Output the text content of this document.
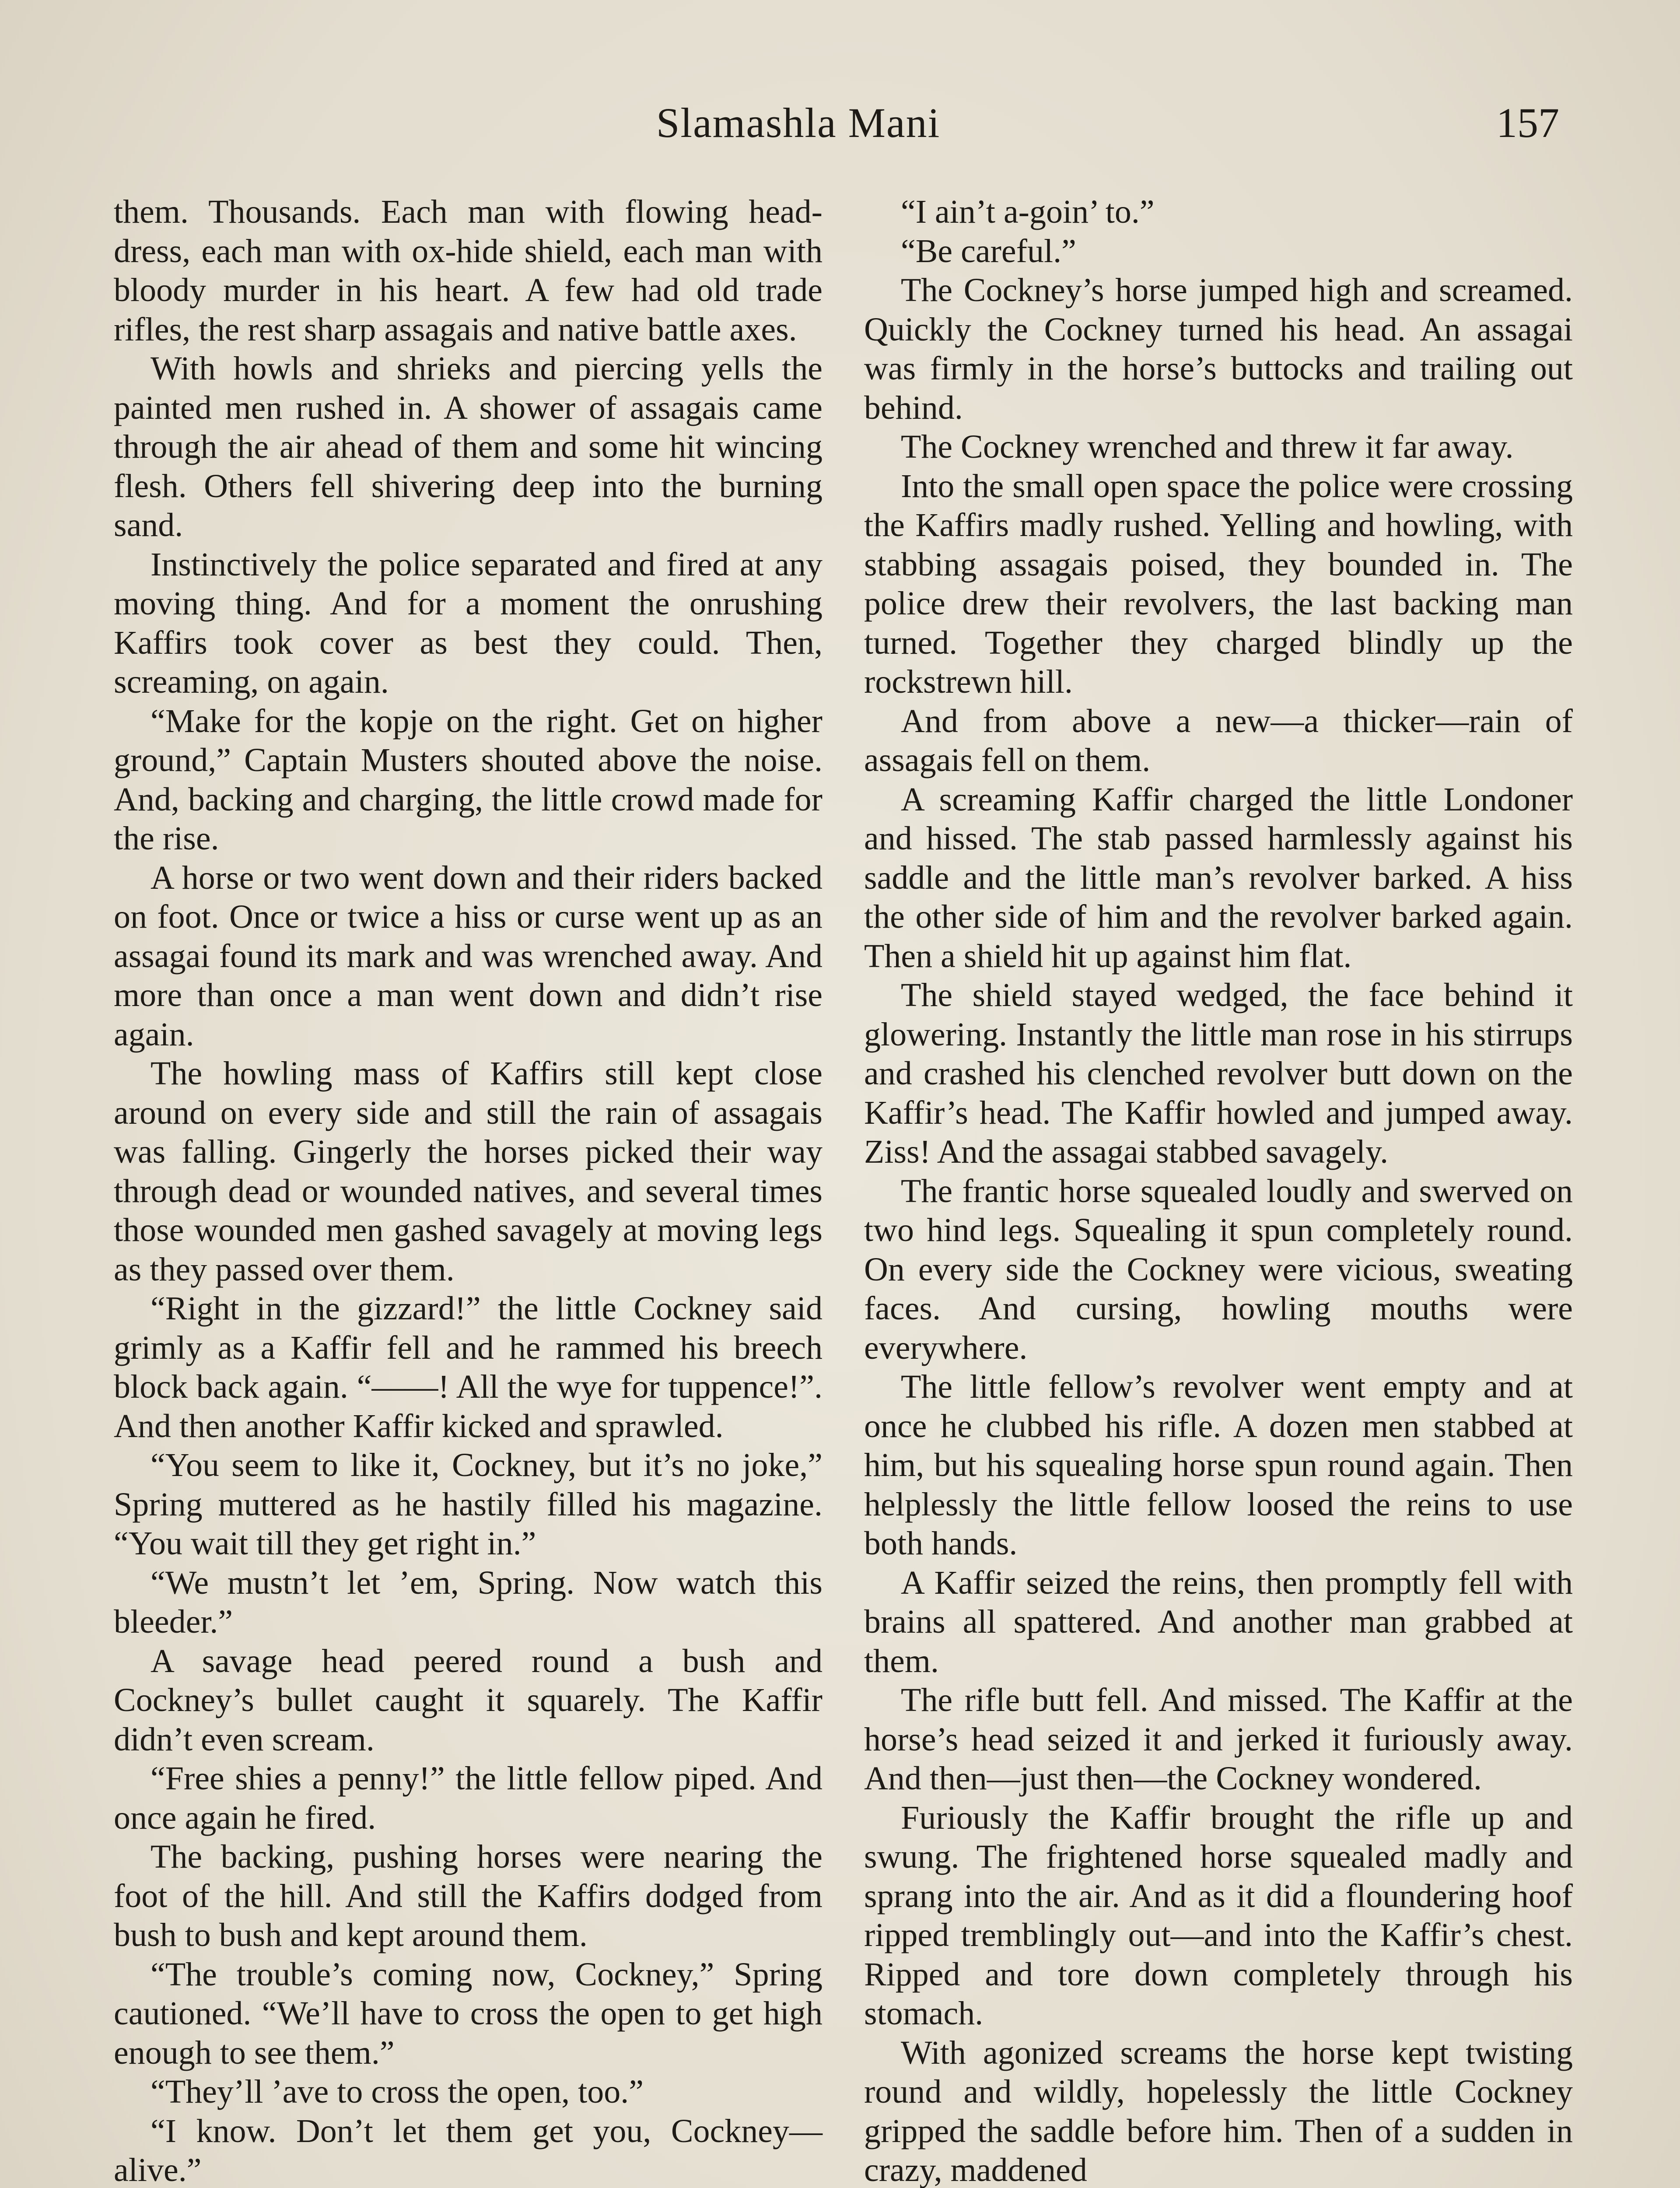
Slamashla Mani	157

them. Thousands. Each man with flowing head-dress, each man with ox-hide shield, each man with bloody murder in his heart. A few had old trade rifles, the rest sharp assagais and native battle axes.

With howls and shrieks and piercing yells the painted men rushed in. A shower of assagais came through the air ahead of them and some hit wincing flesh. Others fell shivering deep into the burning sand.

Instinctively the police separated and fired at any moving thing. And for a moment the onrushing Kaffirs took cover as best they could. Then, screaming, on again.

“Make for the kopje on the right. Get on higher ground,” Captain Musters shouted above the noise. And, backing and charging, the little crowd made for the rise.

A horse or two went down and their riders backed on foot. Once or twice a hiss or curse went up as an assagai found its mark and was wrenched away. And more than once a man went down and didn’t rise again.

The howling mass of Kaffirs still kept close around on every side and still the rain of assagais was falling. Gingerly the horses picked their way through dead or wounded natives, and several times those wounded men gashed savagely at moving legs as they passed over them.

“Right in the gizzard!” the little Cockney said grimly as a Kaffir fell and he rammed his breech block back again. “——! All the wye for tuppence!”. And then another Kaffir kicked and sprawled.

“You seem to like it, Cockney, but it’s no joke,” Spring muttered as he hastily filled his magazine. “You wait till they get right in.”

“We mustn’t let ’em, Spring. Now watch this bleeder.”

A savage head peered round a bush and Cockney’s bullet caught it squarely. The Kaffir didn’t even scream.

“Free shies a penny!” the little fellow piped. And once again he fired.

The backing, pushing horses were nearing the foot of the hill. And still the Kaffirs dodged from bush to bush and kept around them.

“The trouble’s coming now, Cockney,” Spring cautioned. “We’ll have to cross the open to get high enough to see them.”

“They’ll ’ave to cross the open, too.”

“I know. Don’t let them get you, Cockney—alive.”

“I ain’t a-goin’ to.”

“Be careful.”

The Cockney’s horse jumped high and screamed. Quickly the Cockney turned his head. An assagai was firmly in the horse’s buttocks and trailing out behind.

The Cockney wrenched and threw it far away.

Into the small open space the police were crossing the Kaffirs madly rushed. Yelling and howling, with stabbing assagais poised, they bounded in. The police drew their revolvers, the last backing man turned. Together they charged blindly up the rockstrewn hill.

And from above a new—a thicker—rain of assagais fell on them.

A screaming Kaffir charged the little Londoner and hissed. The stab passed harmlessly against his saddle and the little man’s revolver barked. A hiss the other side of him and the revolver barked again. Then a shield hit up against him flat.

The shield stayed wedged, the face behind it glowering. Instantly the little man rose in his stirrups and crashed his clenched revolver butt down on the Kaffir’s head. The Kaffir howled and jumped away. Ziss! And the assagai stabbed savagely.

The frantic horse squealed loudly and swerved on two hind legs. Squealing it spun completely round. On every side the Cockney were vicious, sweating faces. And cursing, howling mouths were everywhere.

The little fellow’s revolver went empty and at once he clubbed his rifle. A dozen men stabbed at him, but his squealing horse spun round again. Then helplessly the little fellow loosed the reins to use both hands.

A Kaffir seized the reins, then promptly fell with brains all spattered. And another man grabbed at them.

The rifle butt fell. And missed. The Kaffir at the horse’s head seized it and jerked it furiously away. And then—just then—the Cockney wondered.

Furiously the Kaffir brought the rifle up and swung. The frightened horse squealed madly and sprang into the air. And as it did a floundering hoof ripped tremblingly out—and into the Kaffir’s chest. Ripped and tore down completely through his stomach.

With agonized screams the horse kept twisting round and wildly, hopelessly the little Cockney gripped the saddle before him. Then of a sudden in crazy, maddened
